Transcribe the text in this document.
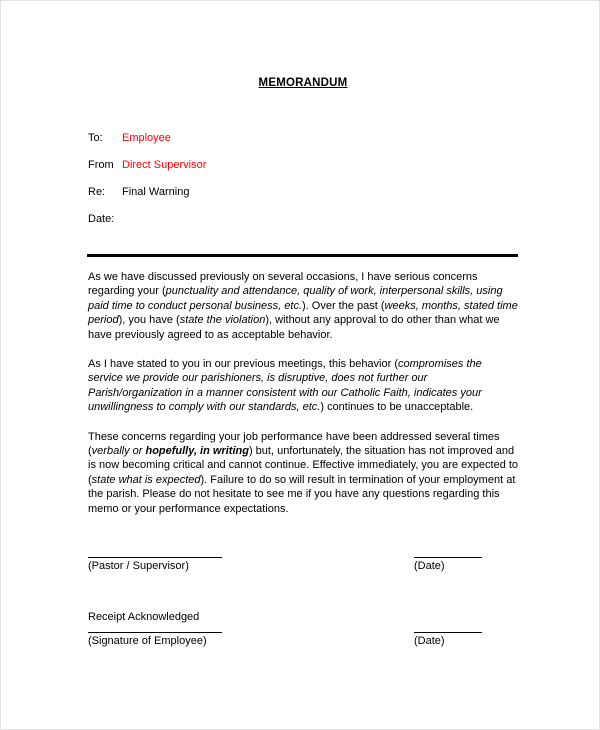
MEMORANDUM
To:	Employee
From Direct Supervisor
Re:	Final Warning
Date:

As we have discussed previously on several occasions, I have serious concerns regarding your (punctuality and attendance, quality of work, interpersonal skills, using paid time to conduct personal business, etc.). Over the past (weeks, months, stated time period), you have (state the violation), without any approval to do other than what we have previously agreed to as acceptable behavior.

As I have stated to you in our previous meetings, this behavior (compromises the service we provide our parishioners, is disruptive, does not further our Parish/organization in a manner consistent with our Catholic Faith, indicates your unwillingness to comply with our standards, etc.) continues to be unacceptable.

These concerns regarding your job performance have been addressed several times (verbally or hopefully, in writing) but, unfortunately, the situation has not improved and is now becoming critical and cannot continue. Effective immediately, you are expected to (state what is expected). Failure to do so will result in termination of your employment at the parish. Please do not hesitate to see me if you have any questions regarding this memo or your performance expectations.

(Pastor / Supervisor)	(Date)
Receipt Acknowledged
(Signature of Employee)	(Date)
